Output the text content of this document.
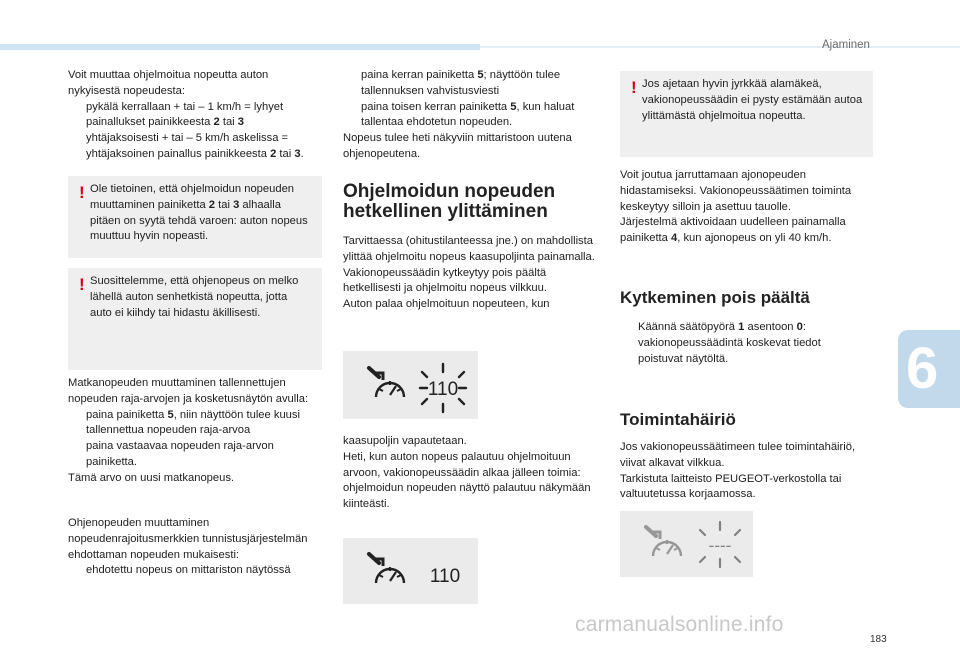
Ajaminen
6
183
carmanualsonline.info

Voit muuttaa ohjelmoitua nopeutta auton nykyisestä nopeudesta:

pykälä kerrallaan + tai – 1 km/h = lyhyet painallukset painikkeesta 2 tai 3

yhtäjaksoisesti + tai – 5 km/h askelissa = yhtäjaksoinen painallus painikkeesta 2 tai 3.

! Ole tietoinen, että ohjelmoidun nopeuden muuttaminen painiketta 2 tai 3 alhaalla pitäen on syytä tehdä varoen: auton nopeus muuttuu hyvin nopeasti.
! Suosittelemme, että ohjenopeus on melko lähellä auton senhetkistä nopeutta, jotta auto ei kiihdy tai hidastu äkillisesti.

Matkanopeuden muuttaminen tallennettujen nopeuden raja-arvojen ja kosketusnäytön avulla:

paina painiketta 5, niin näyttöön tulee kuusi tallennettua nopeuden raja-arvoa

paina vastaavaa nopeuden raja-arvon painiketta.

Tämä arvo on uusi matkanopeus.

Ohjenopeuden muuttaminen nopeudenrajoitusmerkkien tunnistusjärjestelmän ehdottaman nopeuden mukaisesti:

ehdotettu nopeus on mittariston näytössä

paina kerran painiketta 5; näyttöön tulee tallennuksen vahvistusviesti

paina toisen kerran painiketta 5, kun haluat tallentaa ehdotetun nopeuden.

Nopeus tulee heti näkyviin mittaristoon uutena ohjenopeutena.

Ohjelmoidun nopeuden
hetkellinen ylittäminen

Tarvittaessa (ohitustilanteessa jne.) on mahdollista ylittää ohjelmoitu nopeus kaasupoljinta painamalla.

Vakionopeussäädin kytkeytyy pois päältä hetkellisesti ja ohjelmoitu nopeus vilkkuu.

Auton palaa ohjelmoituun nopeuteen, kun

110

kaasupoljin vapautetaan.

Heti, kun auton nopeus palautuu ohjelmoituun arvoon, vakionopeussäädin alkaa jälleen toimia: ohjelmoidun nopeuden näyttö palautuu näkymään kiinteästi.

110
! Jos ajetaan hyvin jyrkkää alamäkeä, vakionopeussäädin ei pysty estämään autoa ylittämästä ohjelmoitua nopeutta.

Voit joutua jarruttamaan ajonopeuden hidastamiseksi. Vakionopeussäätimen toiminta keskeytyy silloin ja asettuu tauolle.

Järjestelmä aktivoidaan uudelleen painamalla painiketta 4, kun ajonopeus on yli 40 km/h.

Kytkeminen pois päältä

Käännä säätöpyörä 1 asentoon 0: vakionopeussäädintä koskevat tiedot poistuvat näytöltä.

Toimintahäiriö

Jos vakionopeussäätimeen tulee toimintahäiriö, viivat alkavat vilkkua.

Tarkistuta laitteisto PEUGEOT-verkostolla tai valtuutetussa korjaamossa.

----
